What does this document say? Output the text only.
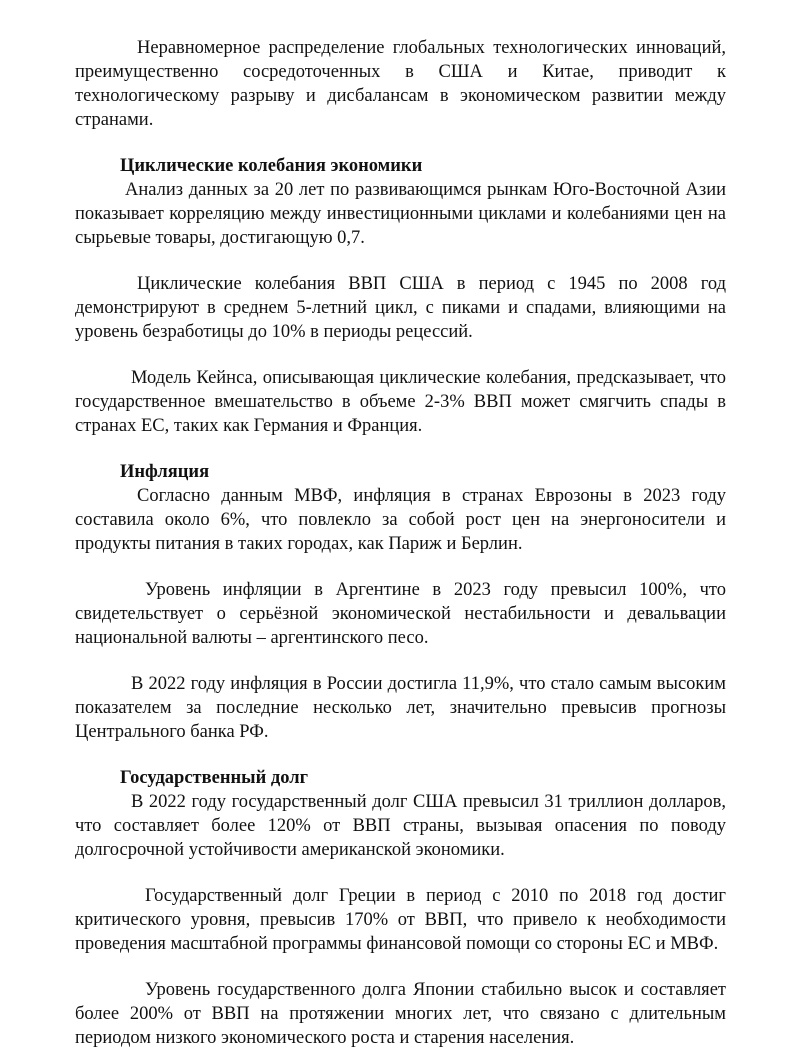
Неравномерное распределение глобальных технологических инноваций, преимущественно сосредоточенных в США и Китае, приводит к технологическому разрыву и дисбалансам в экономическом развитии между странами.

Циклические колебания экономики

Анализ данных за 20 лет по развивающимся рынкам Юго-Восточной Азии показывает корреляцию между инвестиционными циклами и колебаниями цен на сырьевые товары, достигающую 0,7.

Циклические колебания ВВП США в период с 1945 по 2008 год демонстрируют в среднем 5-летний цикл, с пиками и спадами, влияющими на уровень безработицы до 10% в периоды рецессий.

Модель Кейнса, описывающая циклические колебания, предсказывает, что государственное вмешательство в объеме 2-3% ВВП может смягчить спады в странах ЕС, таких как Германия и Франция.

Инфляция

Согласно данным МВФ, инфляция в странах Еврозоны в 2023 году составила около 6%, что повлекло за собой рост цен на энергоносители и продукты питания в таких городах, как Париж и Берлин.

Уровень инфляции в Аргентине в 2023 году превысил 100%, что свидетельствует о серьёзной экономической нестабильности и девальвации национальной валюты – аргентинского песо.

В 2022 году инфляция в России достигла 11,9%, что стало самым высоким показателем за последние несколько лет, значительно превысив прогнозы Центрального банка РФ.

Государственный долг

В 2022 году государственный долг США превысил 31 триллион долларов, что составляет более 120% от ВВП страны, вызывая опасения по поводу долгосрочной устойчивости американской экономики.

Государственный долг Греции в период с 2010 по 2018 год достиг критического уровня, превысив 170% от ВВП, что привело к необходимости проведения масштабной программы финансовой помощи со стороны ЕС и МВФ.

Уровень государственного долга Японии стабильно высок и составляет более 200% от ВВП на протяжении многих лет, что связано с длительным периодом низкого экономического роста и старения населения.
